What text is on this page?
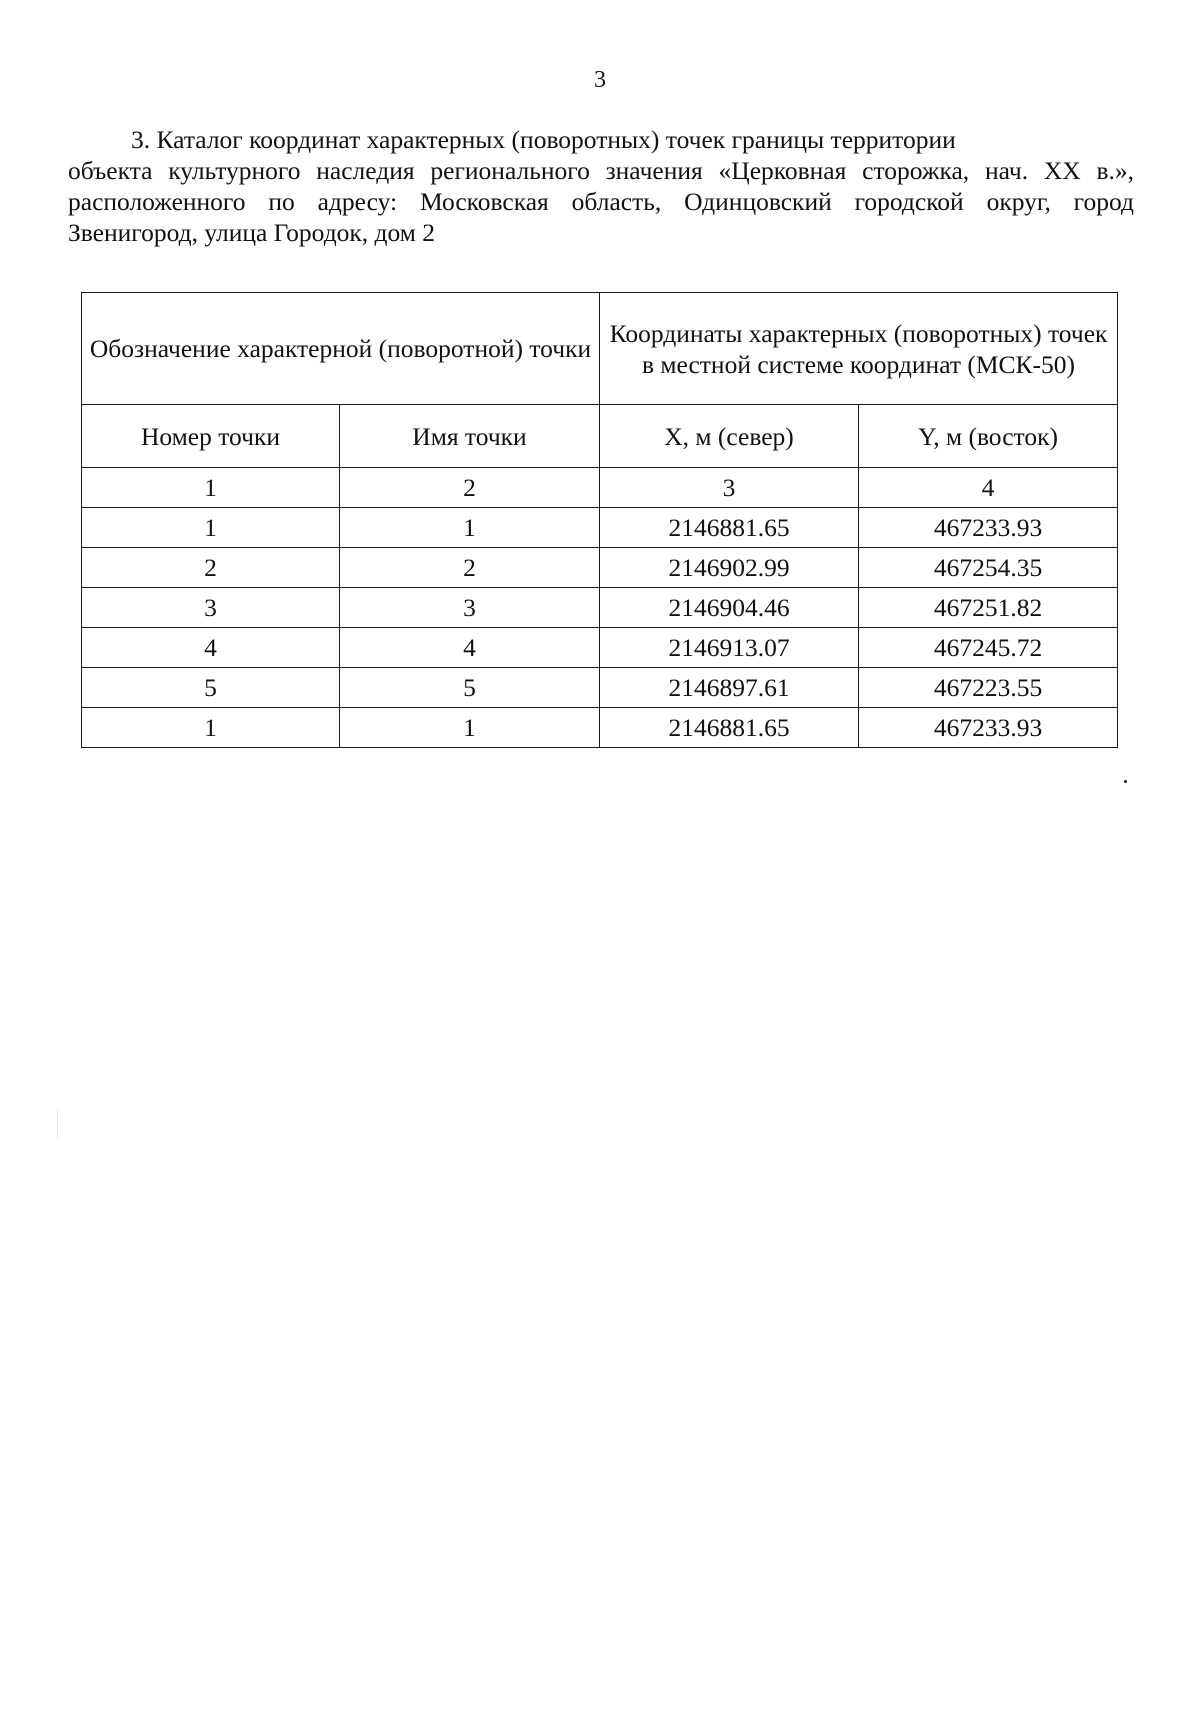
3

3. Каталог координат характерных (поворотных) точек границы территории
объекта культурного наследия регионального значения «Церковная сторожка, нач. XX в.», расположенного по адресу: Московская область, Одинцовский городской округ, город Звенигород, улица Городок, дом 2

Обозначение характерной (поворотной) точки		Координаты характерных (поворотных) точек в местной системе координат (МСК-50)	
Номер точки	Имя точки	X, м (север)	Y, м (восток)
1	2	3	4
1	1	2146881.65	467233.93
2	2	2146902.99	467254.35
3	3	2146904.46	467251.82
4	4	2146913.07	467245.72
5	5	2146897.61	467223.55
1	1	2146881.65	467233.93
